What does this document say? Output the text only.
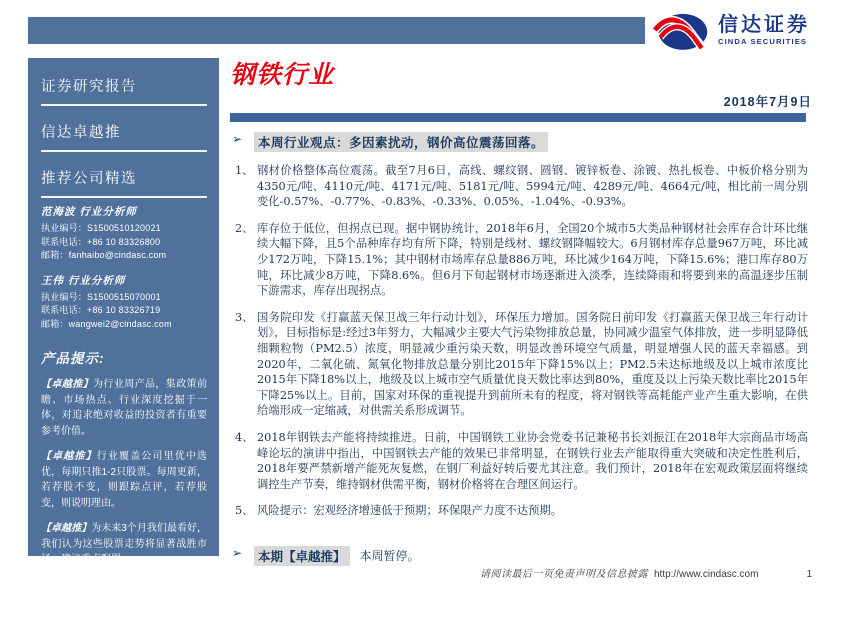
信达证券
CINDA SECURITIES
证券研究报告
信达卓越推
推荐公司精选
范海波 行业分析师
执业编号：S1500510120021
联系电话：+86 10 83326800
邮箱：fanhaibo@cindasc.com
王伟 行业分析师
执业编号：S1500515070001
联系电话：+86 10 83326719
邮箱：wangwei2@cindasc.com
产品提示:
【卓越推】为行业周产品，集政策前瞻、市场热点、行业深度挖掘于一体，对追求绝对收益的投资者有重要参考价值。
【卓越推】行业覆盖公司里优中选优，每期只推1-2只股票。每周更新，若荐股不变，则跟踪点评，若荐股变，则说明理由。
【卓越推】为未来3个月我们最看好，我们认为这些股票走势将显著战胜市场，建议重点配置。
信达证券股份有限公司
CINDA SECURITIES CO.,LTD
北京市西城区闹市口大街9号院1号楼
邮编：100031
钢铁行业
2018年7月9日
➢	本周行业观点：多因素扰动，钢价高位震荡回落。
1、 钢材价格整体高位震荡。截至7月6日，高线、螺纹钢、圆钢、镀锌板卷、涂镀、热扎板卷、中板价格分别为4350元/吨、4110元/吨、4171元/吨、5181元/吨、5994元/吨、4289元/吨、4664元/吨，相比前一周分别变化-0.57%、-0.77%、-0.83%、-0.33%、0.05%、-1.04%、-0.93%。
2、 库存位于低位，但拐点已现。据中钢协统计，2018年6月，全国20个城市5大类品种钢材社会库存合计环比继续大幅下降，且5个品种库存均有所下降，特别是线材、螺纹钢降幅较大。6月钢材库存总量967万吨，环比减少172万吨，下降15.1%；其中钢材市场库存总量886万吨，环比减少164万吨，下降15.6%；港口库存80万吨，环比减少8万吨，下降8.6%。但6月下旬起钢材市场逐渐进入淡季，连续降雨和将要到来的高温逐步压制下游需求，库存出现拐点。
3、 国务院印发《打赢蓝天保卫战三年行动计划》，环保压力增加。国务院日前印发《打赢蓝天保卫战三年行动计划》，目标指标是:经过3年努力，大幅减少主要大气污染物排放总量，协同减少温室气体排放，进一步明显降低细颗粒物（PM2.5）浓度，明显减少重污染天数，明显改善环境空气质量，明显增强人民的蓝天幸福感。到2020年，二氧化硫、氮氧化物排放总量分别比2015年下降15%以上；PM2.5未达标地级及以上城市浓度比2015年下降18%以上，地级及以上城市空气质量优良天数比率达到80%，重度及以上污染天数比率比2015年下降25%以上。目前，国家对环保的重视提升到前所未有的程度，将对钢铁等高耗能产业产生重大影响，在供给端形成一定缩减，对供需关系形成调节。
4、 2018年钢铁去产能将持续推进。日前，中国钢铁工业协会党委书记兼秘书长刘振江在2018年大宗商品市场高峰论坛的演讲中指出，中国钢铁去产能的效果已非常明显，在钢铁行业去产能取得重大突破和决定性胜利后，2018年要严禁新增产能死灰复燃，在钢厂利益好转后要尤其注意。我们预计，2018年在宏观政策层面将继续调控生产节奏，维持钢材供需平衡，钢材价格将在合理区间运行。
5、 风险提示：宏观经济增速低于预期；环保限产力度不达预期。
➢	本期【卓越推】	本周暂停。
请阅读最后一页免责声明及信息披露 http://www.cindasc.com	1
